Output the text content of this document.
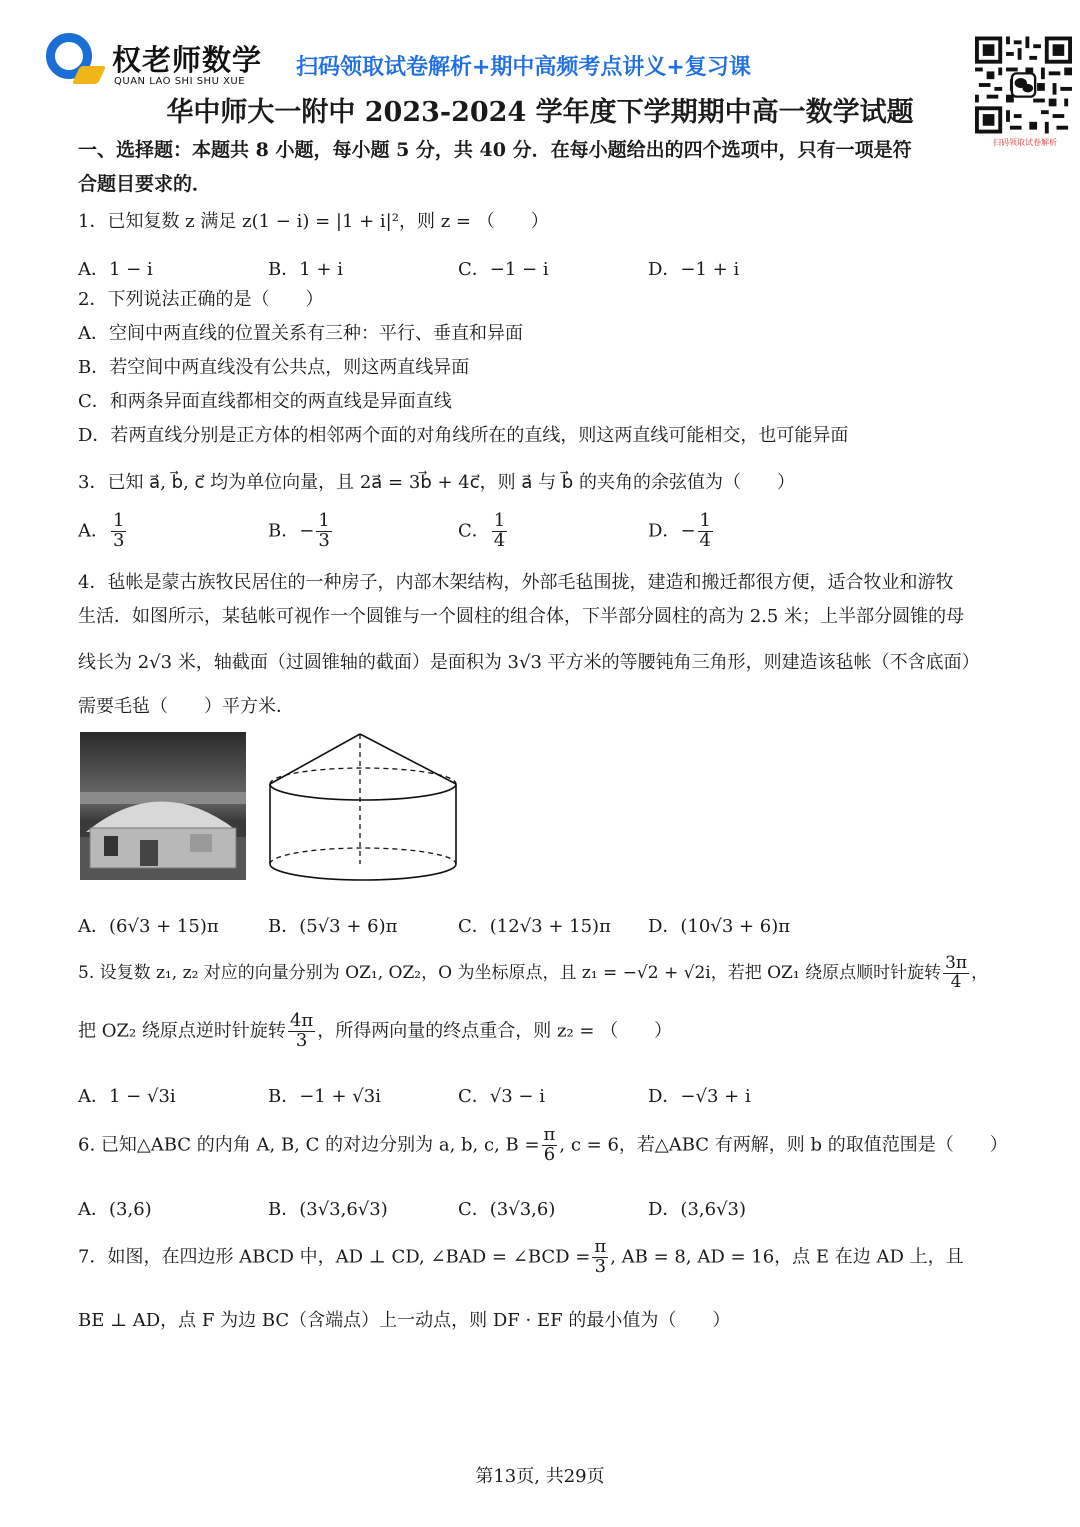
权老师数学
QUAN LAO SHI SHU XUE
扫码领取试卷解析+期中高频考点讲义+复习课
扫码领取试卷解析
华中师大一附中 2023-2024 学年度下学期期中高一数学试题
一、选择题：本题共 8 小题，每小题 5 分，共 40 分．在每小题给出的四个选项中，只有一项是符
合题目要求的．
1．已知复数 z 满足 z(1 − i) = |1 + i|²，则 z = （　　）
A．1 − i	B．1 + i	C．−1 − i	D．−1 + i
2．下列说法正确的是（　　）
A．空间中两直线的位置关系有三种：平行、垂直和异面
B．若空间中两直线没有公共点，则这两直线异面
C．和两条异面直线都相交的两直线是异面直线
D．若两直线分别是正方体的相邻两个面的对角线所在的直线，则这两直线可能相交，也可能异面
3．已知 a⃗, b⃗, c⃗ 均为单位向量，且 2a⃗ = 3b⃗ + 4c⃗，则 a⃗ 与 b⃗ 的夹角的余弦值为（　　）
A． $\frac{1}{3}$	B．− $\frac{1}{3}$	C． $\frac{1}{4}$	D．− $\frac{1}{4}$
4．毡帐是蒙古族牧民居住的一种房子，内部木架结构，外部毛毡围拢，建造和搬迁都很方便，适合牧业和游牧
生活．如图所示，某毡帐可视作一个圆锥与一个圆柱的组合体，下半部分圆柱的高为 2.5 米；上半部分圆锥的母
线长为 2√3 米，轴截面（过圆锥轴的截面）是面积为 3√3 平方米的等腰钝角三角形，则建造该毡帐（不含底面）
需要毛毡（　　）平方米．
A．(6√3 + 15)π	B．(5√3 + 6)π	C．(12√3 + 15)π D．(10√3 + 6)π
5. 设复数 z₁, z₂ 对应的向量分别为 OZ₁, OZ₂，O 为坐标原点，且 z₁ = −√2 + √2i，若把 OZ₁ 绕原点顺时针旋转 $\frac{3\pi}{4}$ ，
把 OZ₂ 绕原点逆时针旋转 $\frac{4\pi}{3}$ ，所得两向量的终点重合，则 z₂ = （　　）
A．1 − √3i	B．−1 + √3i	C．√3 − i	D．−√3 + i
6. 已知△ABC 的内角 A, B, C 的对边分别为 a, b, c, $B = \frac{\pi}{6}$ , c = 6，若△ABC 有两解，则 b 的取值范围是（　　）
A．(3,6)	B．(3√3,6√3)	C．(3√3,6)	D．(3,6√3)
7．如图，在四边形 ABCD 中，AD ⊥ CD, ∠BAD = ∠BCD = $\frac{\pi}{3}$ , AB = 8, AD = 16，点 E 在边 AD 上，且
BE ⊥ AD，点 F 为边 BC（含端点）上一动点，则 DF · EF 的最小值为（　　）
第13页, 共29页
